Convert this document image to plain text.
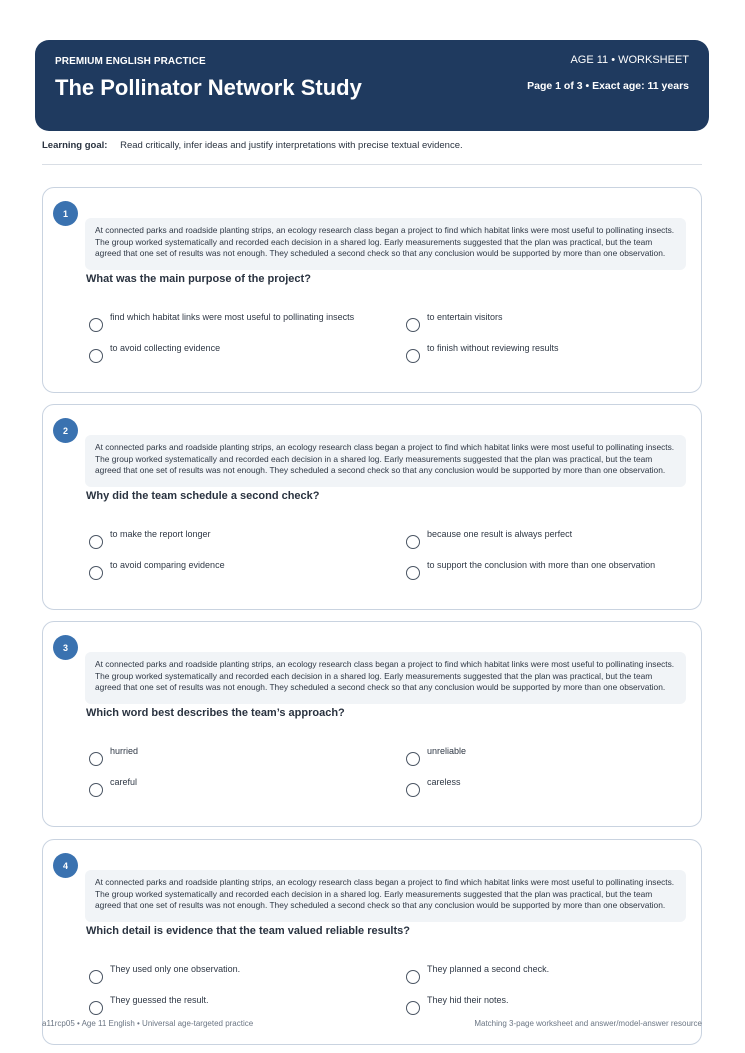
PREMIUM ENGLISH PRACTICE
The Pollinator Network Study
AGE 11 • WORKSHEET
Page 1 of 3 • Exact age: 11 years
Learning goal: Read critically, infer ideas and justify interpretations with precise textual evidence.
1
At connected parks and roadside planting strips, an ecology research class began a project to find which habitat links were most useful to pollinating insects. The group worked systematically and recorded each decision in a shared log. Early measurements suggested that the plan was practical, but the team agreed that one set of results was not enough. They scheduled a second check so that any conclusion would be supported by more than one observation.
What was the main purpose of the project?
find which habitat links were most useful to pollinating insects	to entertain visitors
to avoid collecting evidence	to finish without reviewing results
2
At connected parks and roadside planting strips, an ecology research class began a project to find which habitat links were most useful to pollinating insects. The group worked systematically and recorded each decision in a shared log. Early measurements suggested that the plan was practical, but the team agreed that one set of results was not enough. They scheduled a second check so that any conclusion would be supported by more than one observation.
Why did the team schedule a second check?
to make the report longer	because one result is always perfect
to avoid comparing evidence	to support the conclusion with more than one observation
3
At connected parks and roadside planting strips, an ecology research class began a project to find which habitat links were most useful to pollinating insects. The group worked systematically and recorded each decision in a shared log. Early measurements suggested that the plan was practical, but the team agreed that one set of results was not enough. They scheduled a second check so that any conclusion would be supported by more than one observation.
Which word best describes the team’s approach?
hurried	unreliable
careful	careless
4
At connected parks and roadside planting strips, an ecology research class began a project to find which habitat links were most useful to pollinating insects. The group worked systematically and recorded each decision in a shared log. Early measurements suggested that the plan was practical, but the team agreed that one set of results was not enough. They scheduled a second check so that any conclusion would be supported by more than one observation.
Which detail is evidence that the team valued reliable results?
They used only one observation.	They planned a second check.
They guessed the result.	They hid their notes.
a11rcp05 • Age 11 English • Universal age-targeted practice	Matching 3-page worksheet and answer/model-answer resource
